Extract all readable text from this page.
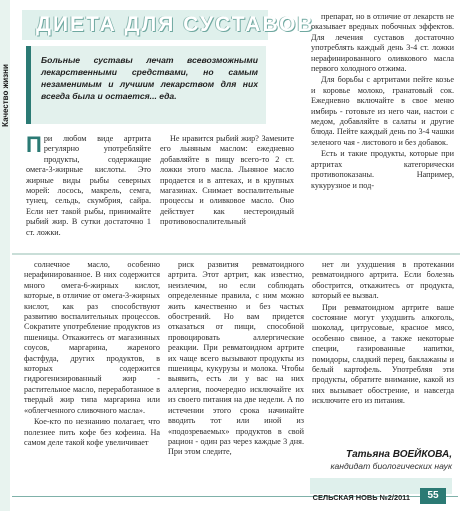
Качество жизни
ДИЕТА ДЛЯ СУСТАВОВ
Больные суставы лечат всевозможными лекарственными средствами, но самым незаменимым и лучшим лекарством для них всегда была и остается... еда.
П ри любом виде артрита регулярно употребляйте продукты, содержащие омега-3-жирные кислоты. Это жирные виды рыбы северных морей: лосось, макрель, семга, тунец, сельдь, скумбрия, сайра. Если нет такой рыбы, принимайте рыбий жир. В сутки достаточно 1 ст. ложки.

Не нравится рыбий жир? Замените его льняным маслом: ежедневно добавляйте в пищу всего-то 2 ст. ложки этого масла. Льняное масло продается и в аптеках, и в крупных магазинах. Снимает воспалительные процессы и оливковое масло. Оно действует как нестероидный противовоспалительный

препарат, но в отличие от лекарств не оказывает вредных побочных эффектов. Для лечения суставов достаточно употреблять каждый день 3-4 ст. ложки нерафинированного оливкового масла первого холодного отжима.

Для борьбы с артритами пейте козье и коровье молоко, гранатовый сок. Ежедневно включайте в свое меню имбирь - готовьте из него чаи, настои с медом, добавляйте в салаты и другие блюда. Пейте каждый день по 3-4 чашки зеленого чая - листового и без добавок.

Есть и такие продукты, которые при артритах категорически противопоказаны. Например, кукурузное и под-

солнечное масло, особенно нерафинированное. В них содержится много омега-6-жирных кислот, которые, в отличие от омега-3-жирных кислот, как раз способствуют развитию воспалительных процессов. Сократите употребление продуктов из пшеницы. Откажитесь от магазинных соусов, маргарина, жареного фастфуда, других продуктов, в которых содержится гидрогенизированный жир - растительное масло, переработанное в твердый жир типа маргарина или «облегченного сливочного масла».

Кое-кто по незнанию полагает, что полезнее пить кофе без кофеина. На самом деле такой кофе увеличивает

риск развития ревматоидного артрита. Этот артрит, как известно, неизлечим, но если соблюдать определенные правила, с ним можно жить качественно и без частых обострений. Но вам придется отказаться от пищи, способной провоцировать аллергические реакции. При ревматоидном артрите их чаще всего вызывают продукты из пшеницы, кукурузы и молока. Чтобы выявить, есть ли у вас на них аллергия, поочередно исключайте их из своего питания на две недели. А по истечении этого срока начинайте вводить тот или иной из «подозреваемых» продуктов в свой рацион - один раз через каждые 3 дня. При этом следите,

нет ли ухудшения в протекании ревматоидного артрита. Если болезнь обострится, откажитесь от продукта, который ее вызвал.

При ревматоидном артрите ваше состояние могут ухудшить алкоголь, шоколад, цитрусовые, красное мясо, особенно свиное, а также некоторые специи, газированные напитки, помидоры, сладкий перец, баклажаны и белый картофель. Употребляя эти продукты, обратите внимание, какой из них вызывает обострение, и навсегда исключите его из питания.

Татьяна ВОЕЙКОВА,
кандидат биологических наук
СЕЛЬСКАЯ НОВЬ №2/2011	55
